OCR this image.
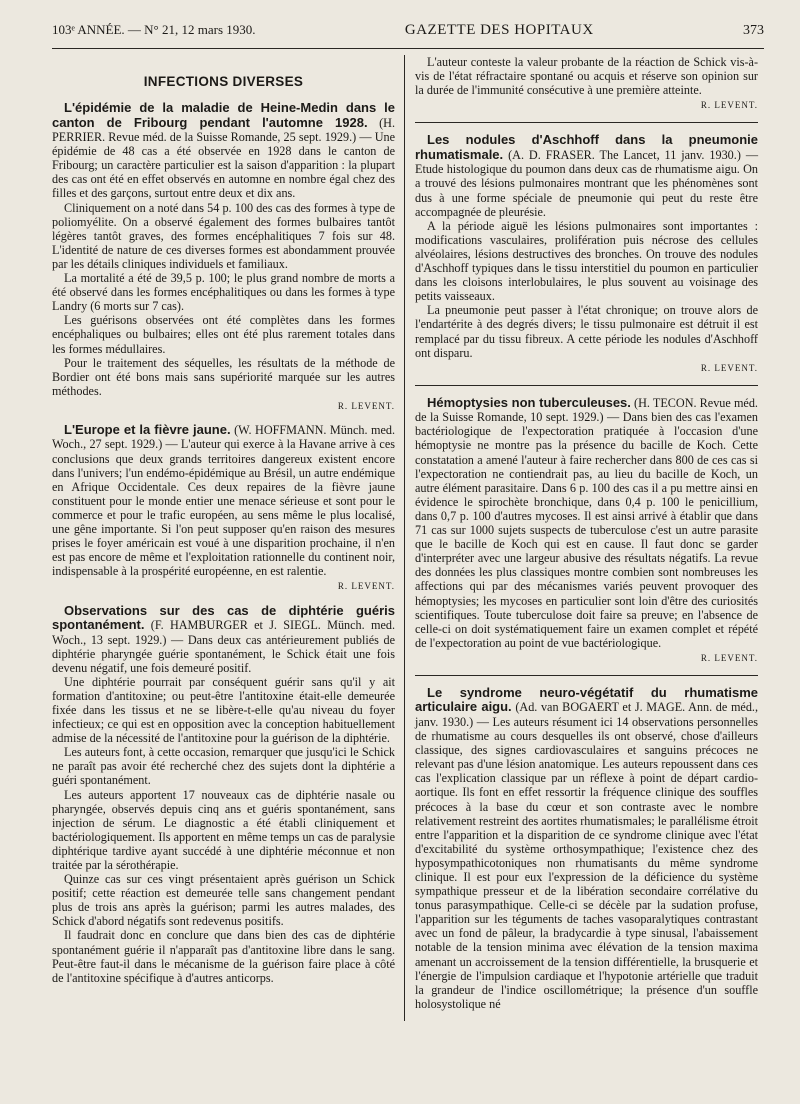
103ᵉ ANNÉE. — N° 21, 12 mars 1930.	GAZETTE DES HOPITAUX	373
INFECTIONS DIVERSES

L'épidémie de la maladie de Heine-Medin dans le canton de Fribourg pendant l'automne 1928. (H. PERRIER. Revue méd. de la Suisse Romande, 25 sept. 1929.) — Une épidémie de 48 cas a été observée en 1928 dans le canton de Fribourg; un caractère particulier est la saison d'apparition : la plupart des cas ont été en effet observés en automne en nombre égal chez des filles et des garçons, surtout entre deux et dix ans.

Cliniquement on a noté dans 54 p. 100 des cas des formes à type de poliomyélite. On a observé également des formes bulbaires tantôt légères tantôt graves, des formes encéphalitiques 7 fois sur 48. L'identité de nature de ces diverses formes est abondamment prouvée par les détails cliniques individuels et familiaux.

La mortalité a été de 39,5 p. 100; le plus grand nombre de morts a été observé dans les formes encéphalitiques ou dans les formes à type Landry (6 morts sur 7 cas).

Les guérisons observées ont été complètes dans les formes encéphaliques ou bulbaires; elles ont été plus rarement totales dans les formes médullaires.

Pour le traitement des séquelles, les résultats de la méthode de Bordier ont été bons mais sans supériorité marquée sur les autres méthodes.

R. LEVENT.

L'Europe et la fièvre jaune. (W. HOFFMANN. Münch. med. Woch., 27 sept. 1929.) — L'auteur qui exerce à la Havane arrive à ces conclusions que deux grands territoires dangereux existent encore dans l'univers; l'un endémo-épidémique au Brésil, un autre endémique en Afrique Occidentale. Ces deux repaires de la fièvre jaune constituent pour le monde entier une menace sérieuse et sont pour le commerce et pour le trafic européen, au sens même le plus localisé, une gêne importante. Si l'on peut supposer qu'en raison des mesures prises le foyer américain est voué à une disparition prochaine, il n'en est pas encore de même et l'exploitation rationnelle du continent noir, indispensable à la prospérité européenne, en est ralentie.

R. LEVENT.

Observations sur des cas de diphtérie guéris spontanément. (F. HAMBURGER et J. SIEGL. Münch. med. Woch., 13 sept. 1929.) — Dans deux cas antérieurement publiés de diphtérie pharyngée guérie spontanément, le Schick était une fois devenu négatif, une fois demeuré positif.

Une diphtérie pourrait par conséquent guérir sans qu'il y ait formation d'antitoxine; ou peut-être l'antitoxine était-elle demeurée fixée dans les tissus et ne se libère-t-elle qu'au niveau du foyer infectieux; ce qui est en opposition avec la conception habituellement admise de la nécessité de l'antitoxine pour la guérison de la diphtérie.

Les auteurs font, à cette occasion, remarquer que jusqu'ici le Schick ne paraît pas avoir été recherché chez des sujets dont la diphtérie a guéri spontanément.

Les auteurs apportent 17 nouveaux cas de diphtérie nasale ou pharyngée, observés depuis cinq ans et guéris spontanément, sans injection de sérum. Le diagnostic a été établi cliniquement et bactériologiquement. Ils apportent en même temps un cas de paralysie diphtérique tardive ayant succédé à une diphtérie méconnue et non traitée par la sérothérapie.

Quinze cas sur ces vingt présentaient après guérison un Schick positif; cette réaction est demeurée telle sans changement pendant plus de trois ans après la guérison; parmi les autres malades, des Schick d'abord négatifs sont redevenus positifs.

Il faudrait donc en conclure que dans bien des cas de diphtérie spontanément guérie il n'apparaît pas d'antitoxine libre dans le sang. Peut-être faut-il dans le mécanisme de la guérison faire place à côté de l'antitoxine spécifique à d'autres anticorps.

L'auteur conteste la valeur probante de la réaction de Schick vis-à-vis de l'état réfractaire spontané ou acquis et réserve son opinion sur la durée de l'immunité consécutive à une première atteinte.

R. LEVENT.

Les nodules d'Aschhoff dans la pneumonie rhumatismale. (A. D. FRASER. The Lancet, 11 janv. 1930.) — Etude histologique du poumon dans deux cas de rhumatisme aigu. On a trouvé des lésions pulmonaires montrant que les phénomènes sont dus à une forme spéciale de pneumonie qui peut du reste être accompagnée de pleurésie.

A la période aiguë les lésions pulmonaires sont importantes : modifications vasculaires, prolifération puis nécrose des cellules alvéolaires, lésions destructives des bronches. On trouve des nodules d'Aschhoff typiques dans le tissu interstitiel du poumon en particulier dans les cloisons interlobulaires, le plus souvent au voisinage des petits vaisseaux.

La pneumonie peut passer à l'état chronique; on trouve alors de l'endartérite à des degrés divers; le tissu pulmonaire est détruit il est remplacé par du tissu fibreux. A cette période les nodules d'Aschhoff ont disparu.

R. LEVENT.

Hémoptysies non tuberculeuses. (H. TECON. Revue méd. de la Suisse Romande, 10 sept. 1929.) — Dans bien des cas l'examen bactériologique de l'expectoration pratiquée à l'occasion d'une hémoptysie ne montre pas la présence du bacille de Koch. Cette constatation a amené l'auteur à faire rechercher dans 800 de ces cas si l'expectoration ne contiendrait pas, au lieu du bacille de Koch, un autre élément parasitaire. Dans 6 p. 100 des cas il a pu mettre ainsi en évidence le spirochète bronchique, dans 0,4 p. 100 le penicillium, dans 0,7 p. 100 d'autres mycoses. Il est ainsi arrivé à établir que dans 71 cas sur 1000 sujets suspects de tuberculose c'est un autre parasite que le bacille de Koch qui est en cause. Il faut donc se garder d'interpréter avec une largeur abusive des résultats négatifs. La revue des données les plus classiques montre combien sont nombreuses les affections qui par des mécanismes variés peuvent provoquer des hémoptysies; les mycoses en particulier sont loin d'être des curiosités scientifiques. Toute tuberculose doit faire sa preuve; en l'absence de celle-ci on doit systématiquement faire un examen complet et répété de l'expectoration au point de vue bactériologique.

R. LEVENT.

Le syndrome neuro-végétatif du rhumatisme articulaire aigu. (Ad. van BOGAERT et J. MAGE. Ann. de méd., janv. 1930.) — Les auteurs résument ici 14 observations personnelles de rhumatisme au cours desquelles ils ont observé, chose d'ailleurs classique, des signes cardiovasculaires et sanguins précoces ne relevant pas d'une lésion anatomique. Les auteurs repoussent dans ces cas l'explication classique par un réflexe à point de départ cardio-aortique. Ils font en effet ressortir la fréquence clinique des souffles précoces à la base du cœur et son contraste avec le nombre relativement restreint des aortites rhumatismales; le parallélisme étroit entre l'apparition et la disparition de ce syndrome clinique avec l'état d'excitabilité du système orthosympathique; l'existence chez des hyposympathicotoniques non rhumatisants du même syndrome clinique. Il est pour eux l'expression de la déficience du système sympathique presseur et de la libération secondaire corrélative du tonus parasympathique. Celle-ci se décèle par la sudation profuse, l'apparition sur les téguments de taches vasoparalytiques contrastant avec un fond de pâleur, la bradycardie à type sinusal, l'abaissement notable de la tension minima avec élévation de la tension maxima amenant un accroissement de la tension différentielle, la brusquerie et l'énergie de l'impulsion cardiaque et l'hypotonie artérielle que traduit la grandeur de l'indice oscillométrique; la présence d'un souffle holosystolique né
